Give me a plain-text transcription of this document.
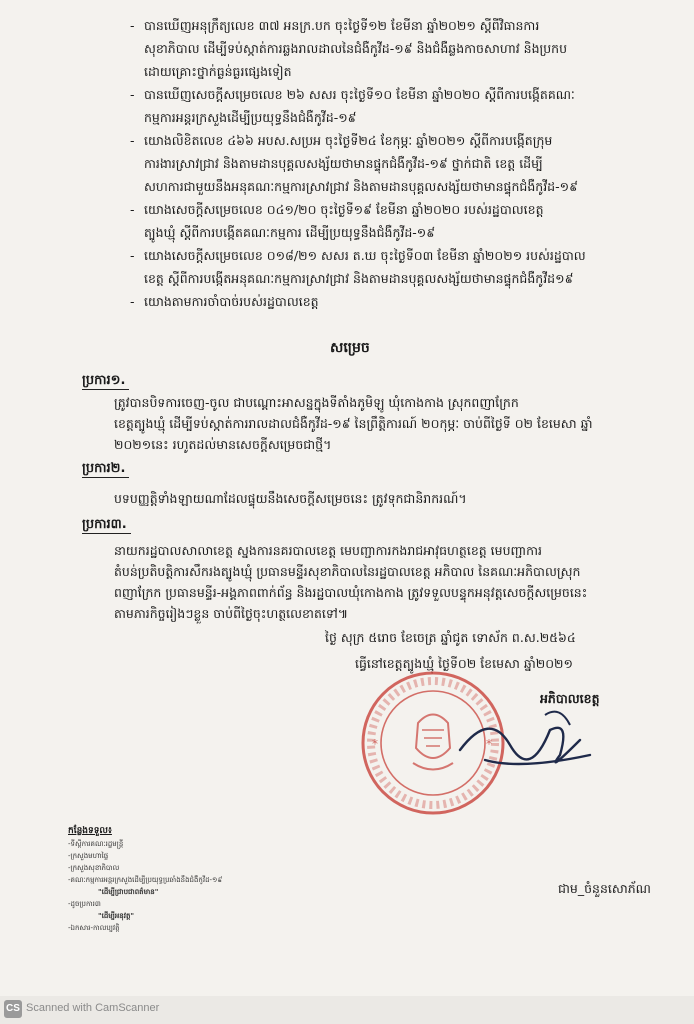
- បានឃើញអនុក្រឹត្យលេខ ៣៧ អនក្រ.បក ចុះថ្ងៃទី១២ ខែមីនា ឆ្នាំ២០២១ ស្តីពីវិធានការ
សុខាភិបាល ដើម្បីទប់ស្កាត់ការឆ្លងរាលដាលនៃជំងឺកូវីដ-១៩ និងជំងឺឆ្លងកាចសាហាវ និងប្រកប
ដោយគ្រោះថ្នាក់ធ្ងន់ធ្ងរផ្សេងទៀត
- បានឃើញសេចក្តីសម្រេចលេខ ២៦ សសរ ចុះថ្ងៃទី១០ ខែមីនា ឆ្នាំ២០២០ ស្តីពីការបង្កើតគណៈ
កម្មការអន្តរក្រសួងដើម្បីប្រយុទ្ធនឹងជំងឺកូវីដ-១៩
- យោងលិខិតលេខ ៤៦៦ អបស.សប្រអ ចុះថ្ងៃទី២៤ ខែកុម្ភៈ ឆ្នាំ២០២១ ស្តីពីការបង្កើតក្រុម
ការងារស្រាវជ្រាវ និងតាមដានបុគ្គលសង្ស័យថាមានផ្ទុកជំងឺកូវីដ-១៩ ថ្នាក់ជាតិ ខេត្ត ដើម្បី
សហការជាមួយនឹងអនុគណៈកម្មការស្រាវជ្រាវ និងតាមដានបុគ្គលសង្ស័យថាមានផ្ទុកជំងឺកូវីដ-១៩
- យោងសេចក្តីសម្រេចលេខ ០៤១/២០ ចុះថ្ងៃទី១៩ ខែមីនា ឆ្នាំ២០២០ របស់រដ្ឋបាលខេត្ត
ត្បូងឃ្មុំ ស្តីពីការបង្កើតគណៈកម្មការ ដើម្បីប្រយុទ្ធនឹងជំងឺកូវីដ-១៩
- យោងសេចក្តីសម្រេចលេខ ០១៨/២១ សសរ ត.ឃ ចុះថ្ងៃទី០៣ ខែមីនា ឆ្នាំ២០២១ របស់រដ្ឋបាល
ខេត្ត ស្តីពីការបង្កើតអនុគណៈកម្មការស្រាវជ្រាវ និងតាមដានបុគ្គលសង្ស័យថាមានផ្ទុកជំងឺកូវីដ១៩
- យោងតាមការចាំបាច់របស់រដ្ឋបាលខេត្ត
សម្រេច
ប្រការ១.
ត្រូវបានបិទការចេញ-ចូល ជាបណ្តោះអាសន្នក្នុងទីតាំងភូមិឡូ ឃុំកោងកាង ស្រុកពញាក្រែក
ខេត្តត្បូងឃ្មុំ ដើម្បីទប់ស្កាត់ការរាលដាលជំងឺកូវីដ-១៩ នៃព្រឹត្តិការណ៍ ២០កុម្ភៈ ចាប់ពីថ្ងៃទី ០២ ខែមេសា ឆ្នាំ
២០២១នេះ រហូតដល់មានសេចក្តីសម្រេចជាថ្មី។
ប្រការ២.
បទបញ្ញត្តិទាំងឡាយណាដែលផ្ទុយនឹងសេចក្តីសម្រេចនេះ ត្រូវទុកជានិរាករណ៍។
ប្រការ៣.
នាយករដ្ឋបាលសាលាខេត្ត ស្នងការនគរបាលខេត្ត មេបញ្ជាការកងរាជអាវុធហត្ថខេត្ត មេបញ្ជាការ
តំបន់ប្រតិបត្តិការសឹករងត្បូងឃ្មុំ ប្រធានមន្ទីរសុខាភិបាលនៃរដ្ឋបាលខេត្ត អភិបាល នៃគណៈអភិបាលស្រុក
ពញាក្រែក ប្រធានមន្ទីរ-អង្គភាពពាក់ព័ន្ធ និងរដ្ឋបាលឃុំកោងកាង ត្រូវទទួលបន្ទុកអនុវត្តសេចក្តីសម្រេចនេះ
តាមភារកិច្ចរៀងៗខ្លួន ចាប់ពីថ្ងៃចុះហត្ថលេខាតទៅ៕
ថ្ងៃ សុក្រ ៥រោច ខែចេត្រ ឆ្នាំជូត ទោស័ក ព.ស.២៥៦៤
ធ្វើនៅខេត្តត្បូងឃ្មុំ ថ្ងៃទី០២ ខែមេសា ឆ្នាំ២០២១
*	*
អភិបាលខេត្ត
ជាម_ចំនួនសោភ័ណ
កន្លែងទទួល៖
-ទីស្តីការគណៈរដ្ឋមន្ត្រី
-ក្រសួងមហាផ្ទៃ
-ក្រសួងសុខាភិបាល
-គណៈកម្មការអន្តរក្រសួងដើម្បីប្រយុទ្ធប្រឆាំងនឹងជំងឺកូវីដ-១៩
"ដើម្បីជ្រាបជាពត៌មាន"
-ដូចប្រការ៣
"ដើម្បីអនុវត្ត"
-ឯកសារ-កាលប្បវត្តិ
CS Scanned with CamScanner
